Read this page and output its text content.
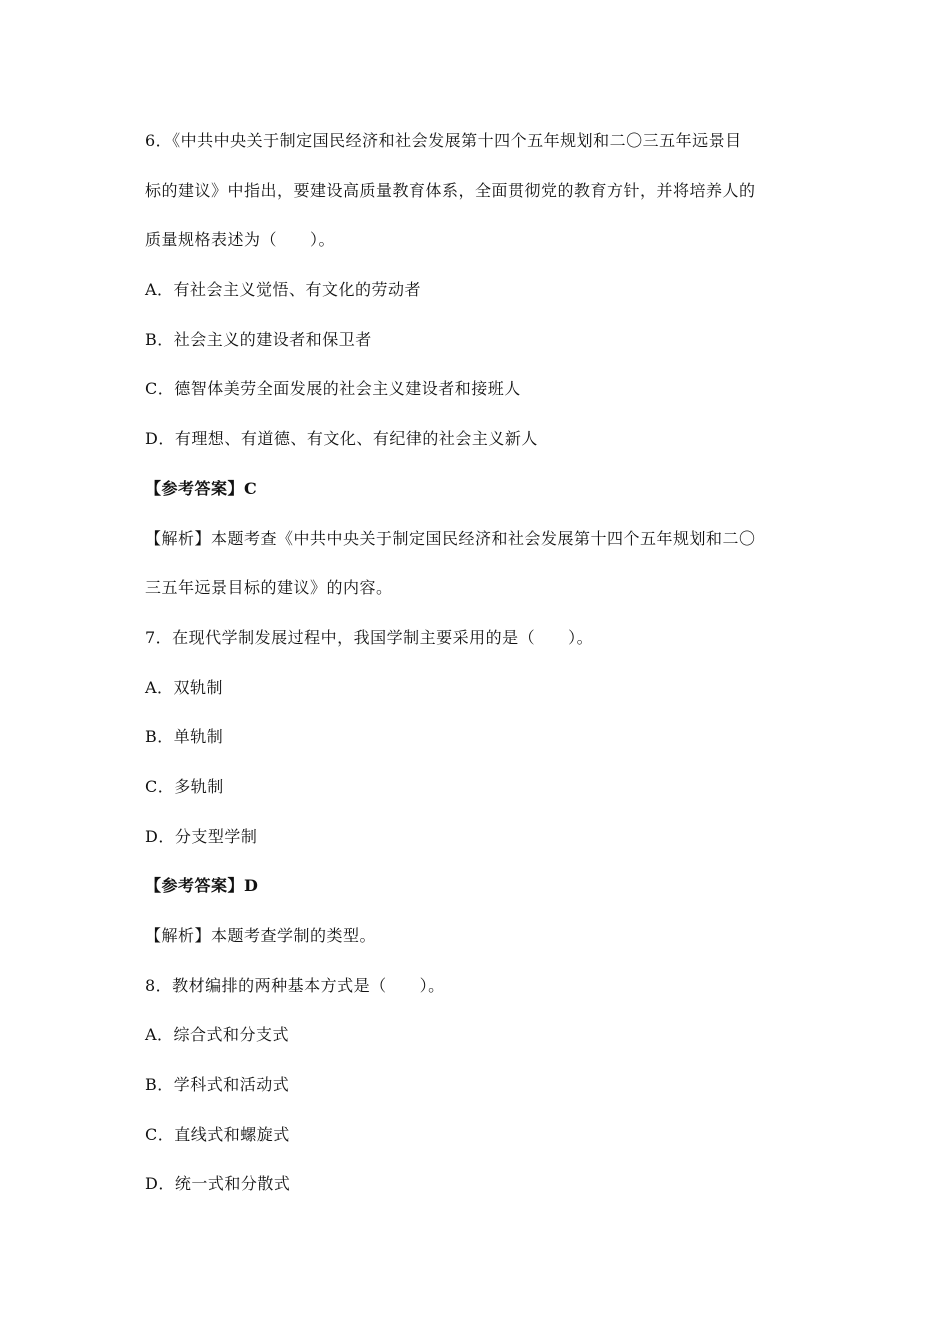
6．《中共中央关于制定国民经济和社会发展第十四个五年规划和二〇三五年远景目
标的建议》中指出，要建设高质量教育体系，全面贯彻党的教育方针，并将培养人的
质量规格表述为（　　）。
A．有社会主义觉悟、有文化的劳动者
B．社会主义的建设者和保卫者
C．德智体美劳全面发展的社会主义建设者和接班人
D．有理想、有道德、有文化、有纪律的社会主义新人
【参考答案】C
【解析】本题考查《中共中央关于制定国民经济和社会发展第十四个五年规划和二〇
三五年远景目标的建议》的内容。
7．在现代学制发展过程中，我国学制主要采用的是（　　）。
A．双轨制
B．单轨制
C．多轨制
D．分支型学制
【参考答案】D
【解析】本题考查学制的类型。
8．教材编排的两种基本方式是（　　）。
A．综合式和分支式
B．学科式和活动式
C．直线式和螺旋式
D．统一式和分散式
